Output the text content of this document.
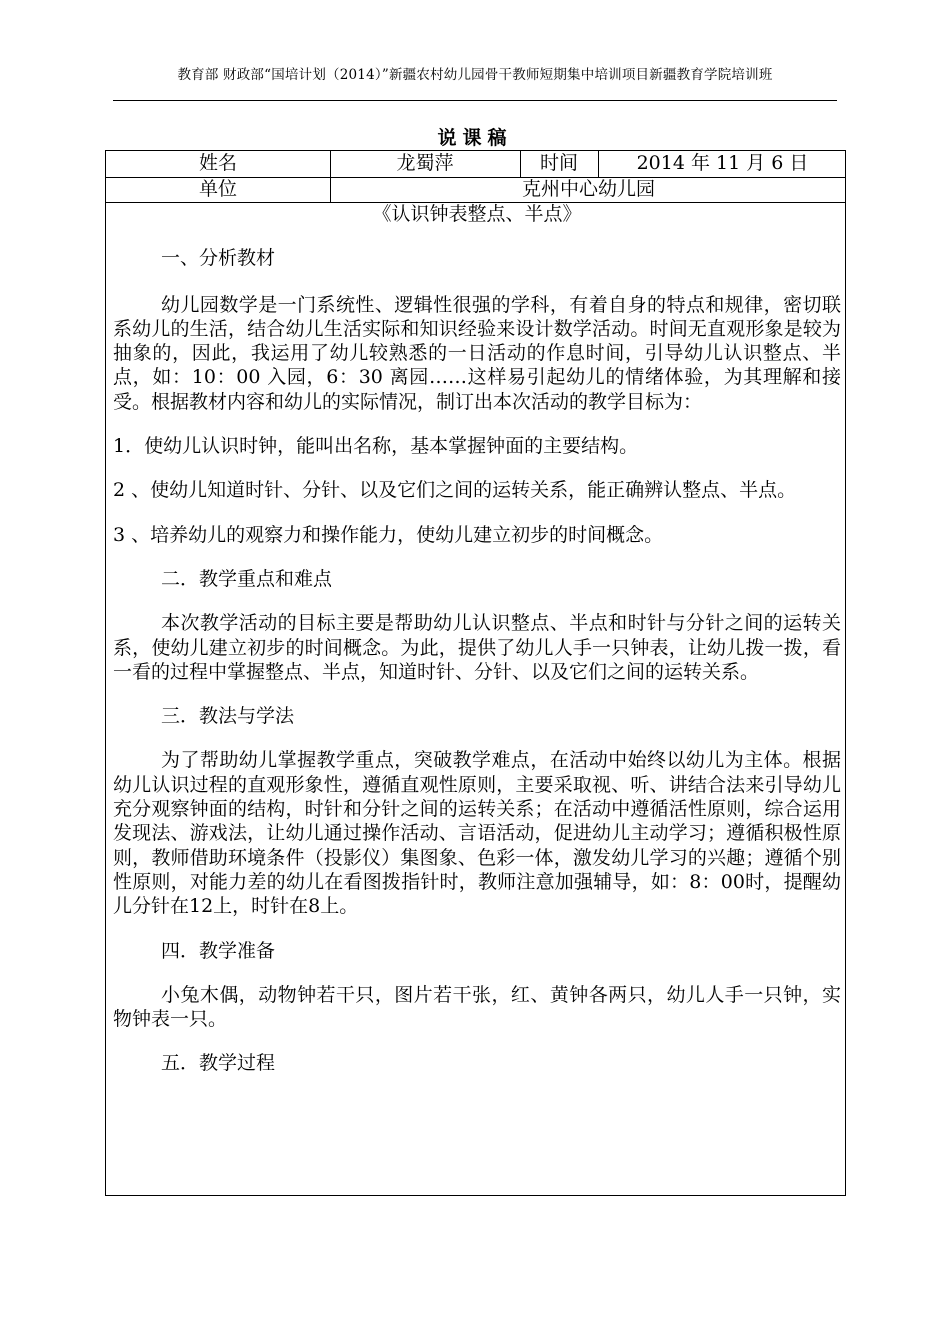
教育部 财政部“国培计划（2014）”新疆农村幼儿园骨干教师短期集中培训项目新疆教育学院培训班
说课稿
姓名	龙蜀萍	时间	2014 年 11 月 6 日
单位	克州中心幼儿园

《认识钟表整点、半点》

一、分析教材

幼儿园数学是一门系统性、逻辑性很强的学科，有着自身的特点和规律，密切联系幼儿的生活，结合幼儿生活实际和知识经验来设计数学活动。时间无直观形象是较为抽象的，因此，我运用了幼儿较熟悉的一日活动的作息时间，引导幼儿认识整点、半点，如：10：00 入园，6：30 离园……这样易引起幼儿的情绪体验，为其理解和接受。根据教材内容和幼儿的实际情况，制订出本次活动的教学目标为：

1．使幼儿认识时钟，能叫出名称，基本掌握钟面的主要结构。

2 、使幼儿知道时针、分针、以及它们之间的运转关系，能正确辨认整点、半点。

3 、培养幼儿的观察力和操作能力，使幼儿建立初步的时间概念。

二．教学重点和难点

本次教学活动的目标主要是帮助幼儿认识整点、半点和时针与分针之间的运转关系，使幼儿建立初步的时间概念。为此，提供了幼儿人手一只钟表，让幼儿拨一拨，看一看的过程中掌握整点、半点，知道时针、分针、以及它们之间的运转关系。

三．教法与学法

为了帮助幼儿掌握教学重点，突破教学难点，在活动中始终以幼儿为主体。根据幼儿认识过程的直观形象性，遵循直观性原则，主要采取视、听、讲结合法来引导幼儿充分观察钟面的结构，时针和分针之间的运转关系；在活动中遵循活性原则，综合运用发现法、游戏法，让幼儿通过操作活动、言语活动，促进幼儿主动学习；遵循积极性原则，教师借助环境条件（投影仪）集图象、色彩一体，激发幼儿学习的兴趣；遵循个别性原则，对能力差的幼儿在看图拨指针时，教师注意加强辅导，如：8：00时，提醒幼儿分针在12上，时针在8上。

四．教学准备

小兔木偶，动物钟若干只，图片若干张，红、黄钟各两只，幼儿人手一只钟，实物钟表一只。

五．教学过程
